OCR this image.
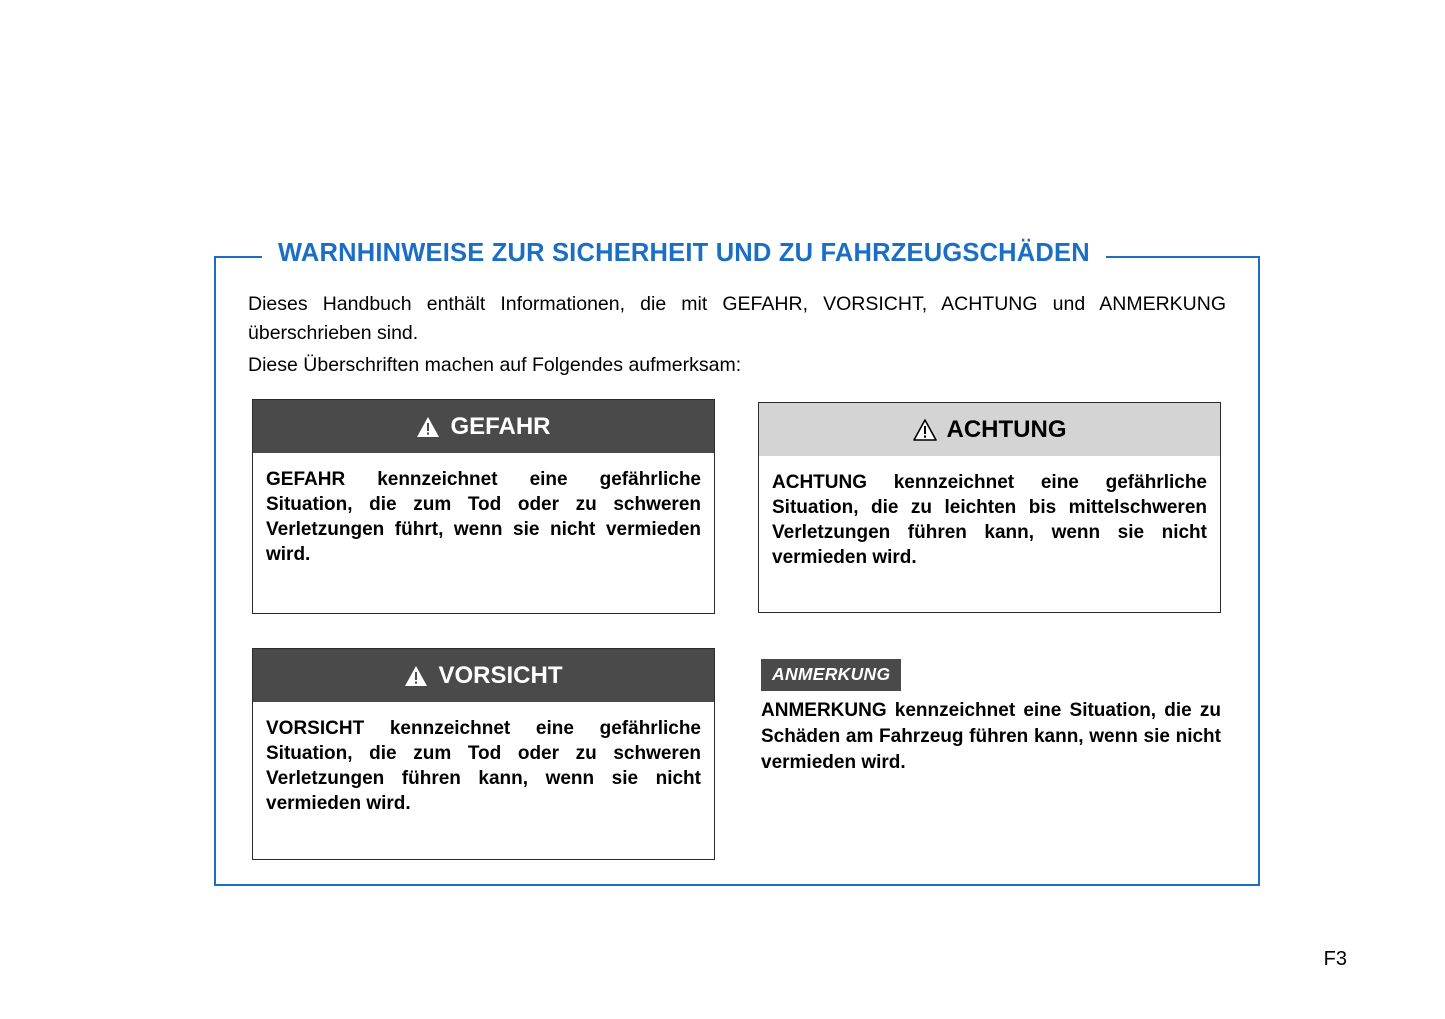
WARNHINWEISE ZUR SICHERHEIT UND ZU FAHRZEUGSCHÄDEN

Dieses Handbuch enthält Informationen, die mit GEFAHR, VORSICHT, ACHTUNG und ANMERKUNG überschrieben sind.

Diese Überschriften machen auf Folgendes aufmerksam:

GEFAHR
GEFAHR kennzeichnet eine gefährliche Situation, die zum Tod oder zu schweren Verletzungen führt, wenn sie nicht vermieden wird.
VORSICHT
VORSICHT kennzeichnet eine gefährliche Situation, die zum Tod oder zu schweren Verletzungen führen kann, wenn sie nicht vermieden wird.
ACHTUNG
ACHTUNG kennzeichnet eine gefährliche Situation, die zu leichten bis mittelschweren Verletzungen führen kann, wenn sie nicht vermieden wird.
ANMERKUNG
ANMERKUNG kennzeichnet eine Situation, die zu Schäden am Fahrzeug führen kann, wenn sie nicht vermieden wird.
F3
